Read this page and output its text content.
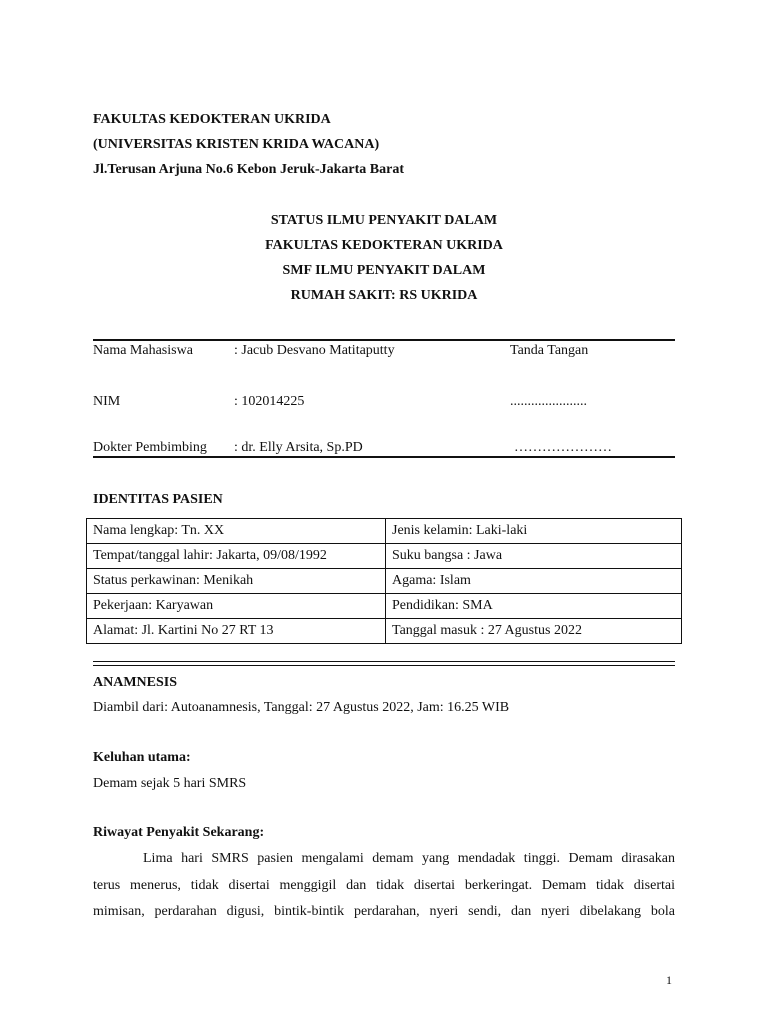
FAKULTAS KEDOKTERAN UKRIDA
(UNIVERSITAS KRISTEN KRIDA WACANA)
Jl.Terusan Arjuna No.6 Kebon Jeruk-Jakarta Barat
STATUS ILMU PENYAKIT DALAM
FAKULTAS KEDOKTERAN UKRIDA
SMF ILMU PENYAKIT DALAM
RUMAH SAKIT: RS UKRIDA
Nama Mahasiswa	: Jacub Desvano Matitaputty	Tanda Tangan
NIM	: 102014225	......................
Dokter Pembimbing : dr. Elly Arsita, Sp.PD	…………………
IDENTITAS PASIEN
Nama lengkap: Tn. XX	Jenis kelamin: Laki-laki
Tempat/tanggal lahir: Jakarta, 09/08/1992	Suku bangsa : Jawa
Status perkawinan: Menikah	Agama: Islam
Pekerjaan: Karyawan	Pendidikan: SMA
Alamat: Jl. Kartini No 27 RT 13	Tanggal masuk : 27 Agustus 2022
ANAMNESIS
Diambil dari: Autoanamnesis, Tanggal: 27 Agustus 2022, Jam: 16.25 WIB
Keluhan utama:
Demam sejak 5 hari SMRS
Riwayat Penyakit Sekarang:
Lima hari SMRS pasien mengalami demam yang mendadak tinggi. Demam dirasakan
terus menerus, tidak disertai menggigil dan tidak disertai berkeringat. Demam tidak disertai
mimisan, perdarahan digusi, bintik-bintik perdarahan, nyeri sendi, dan nyeri dibelakang bola
1
